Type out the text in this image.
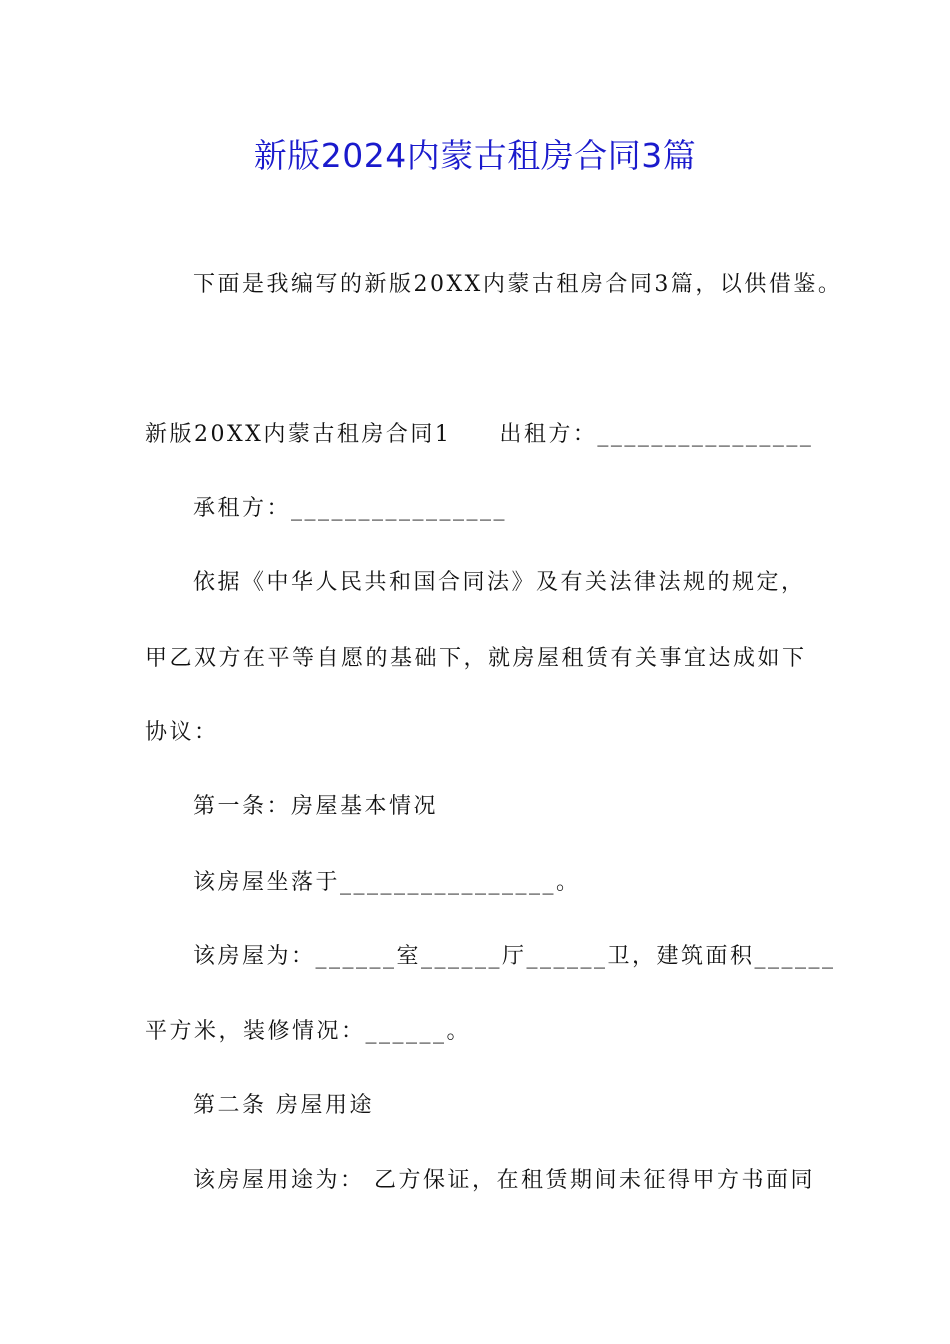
新版2024内蒙古租房合同3篇
下面是我编写的新版20XX内蒙古租房合同3篇，以供借鉴。
新版20XX内蒙古租房合同1 出租方：________________
承租方：________________
依据《中华人民共和国合同法》及有关法律法规的规定，
甲乙双方在平等自愿的基础下，就房屋租赁有关事宜达成如下
协议：
第一条：房屋基本情况
该房屋坐落于________________。
该房屋为：______室______厅______卫，建筑面积______
平方米，装修情况：______。
第二条 房屋用途
该房屋用途为： 乙方保证，在租赁期间未征得甲方书面同
